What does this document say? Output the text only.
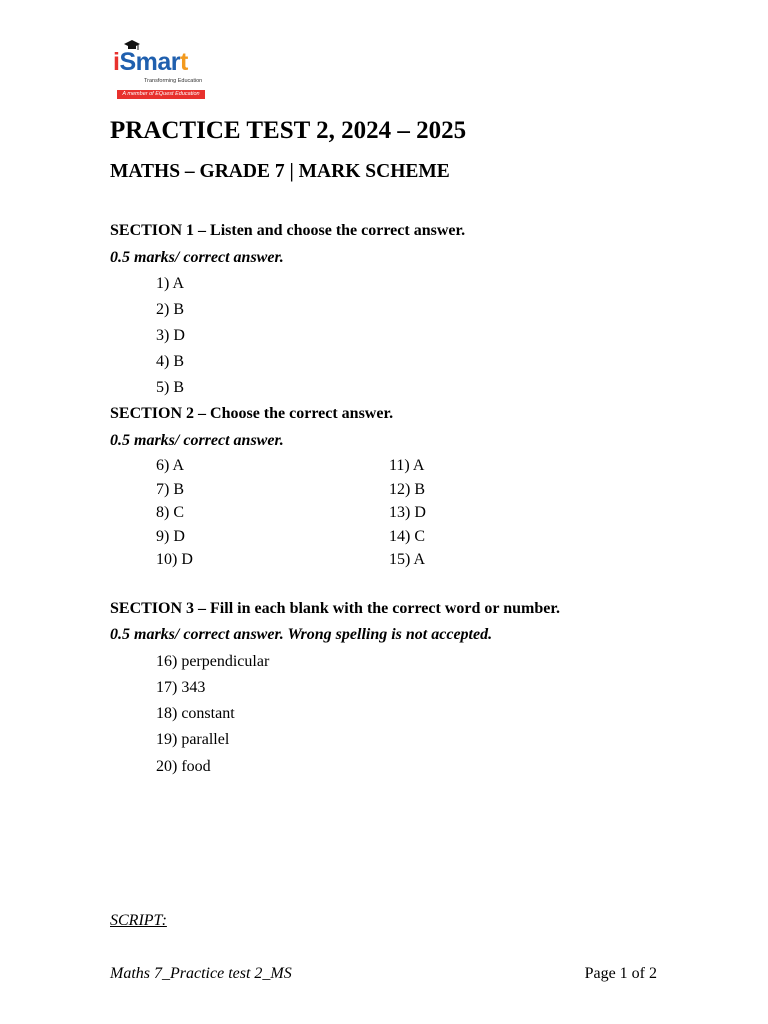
iSmart
Transforming Education
A member of EQuest Education
PRACTICE TEST 2, 2024 – 2025
MATHS – GRADE 7 | MARK SCHEME
SECTION 1 – Listen and choose the correct answer.
0.5 marks/ correct answer.
1) A
2) B
3) D
4) B
5) B
SECTION 2 – Choose the correct answer.
0.5 marks/ correct answer.
6) A
7) B
8) C
9) D
10) D
11) A
12) B
13) D
14) C
15) A
SECTION 3 – Fill in each blank with the correct word or number.
0.5 marks/ correct answer. Wrong spelling is not accepted.
16) perpendicular
17) 343
18) constant
19) parallel
20) food
SCRIPT:
Maths 7_Practice test 2_MS	Page 1 of 2
